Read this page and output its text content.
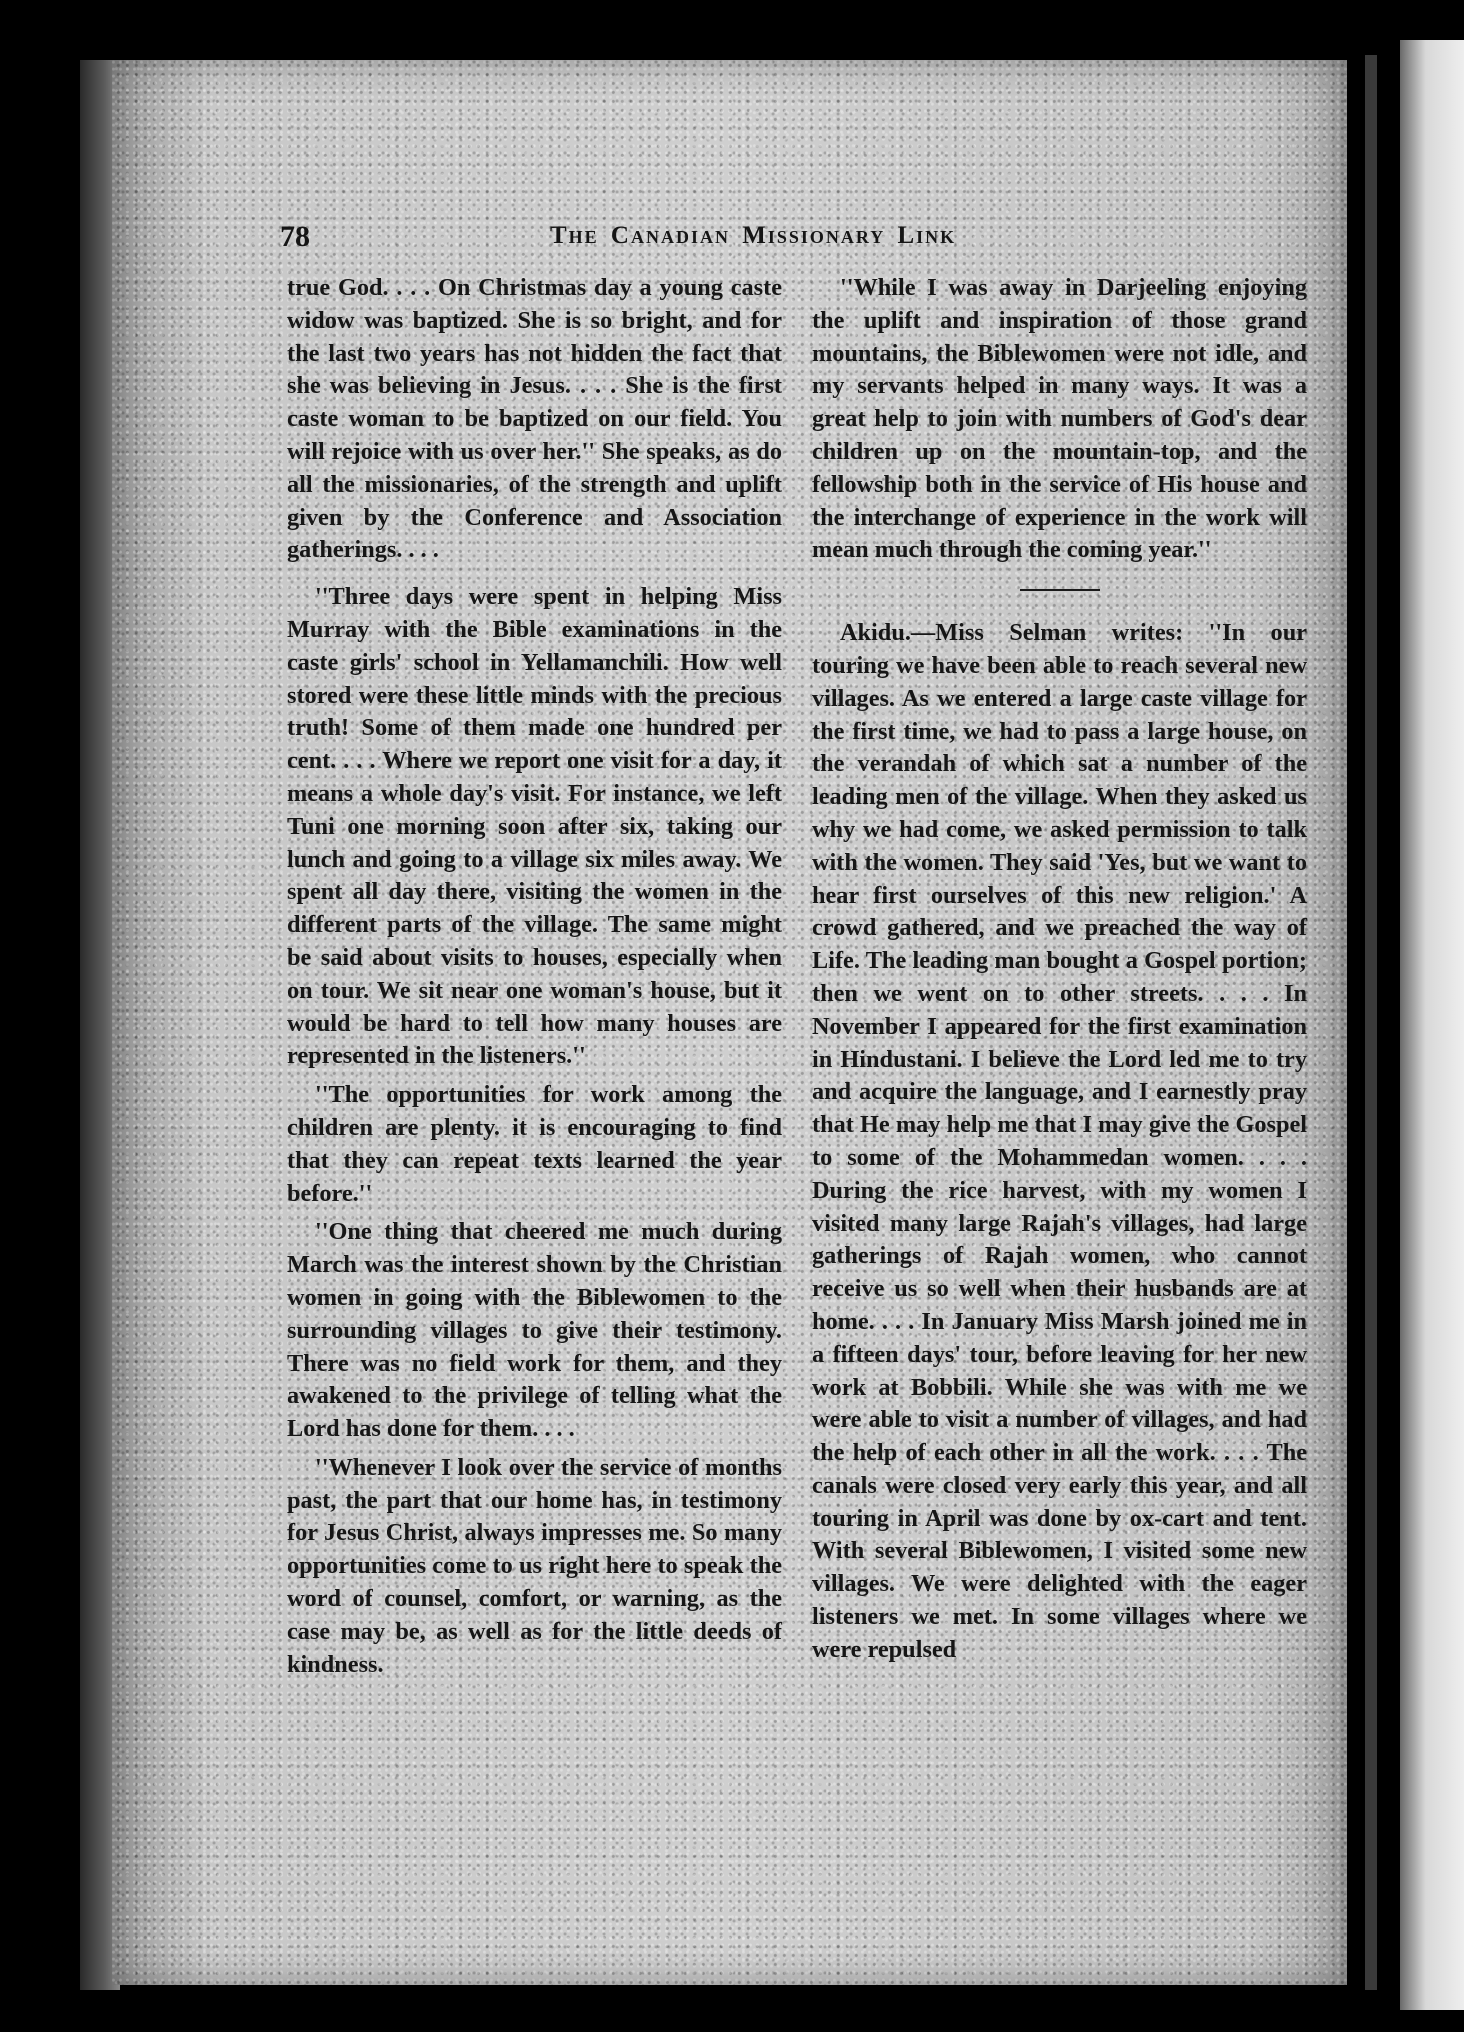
78	The Canadian Missionary Link

true God. . . . On Christmas day a young caste widow was baptized. She is so bright, and for the last two years has not hidden the fact that she was believing in Jesus. . . . She is the first caste woman to be baptized on our field. You will rejoice with us over her.'' She speaks, as do all the missionaries, of the strength and uplift given by the Conference and Association gatherings. . . .

''Three days were spent in helping Miss Murray with the Bible examinations in the caste girls' school in Yellamanchili. How well stored were these little minds with the precious truth! Some of them made one hundred per cent. . . . Where we report one visit for a day, it means a whole day's visit. For instance, we left Tuni one morning soon after six, taking our lunch and going to a village six miles away. We spent all day there, visiting the women in the different parts of the village. The same might be said about visits to houses, especially when on tour. We sit near one woman's house, but it would be hard to tell how many houses are represented in the listeners.''

''The opportunities for work among the children are plenty. it is encouraging to find that they can repeat texts learned the year before.''

''One thing that cheered me much during March was the interest shown by the Christian women in going with the Biblewomen to the surrounding villages to give their testimony. There was no field work for them, and they awakened to the privilege of telling what the Lord has done for them. . . .

''Whenever I look over the service of months past, the part that our home has, in testimony for Jesus Christ, always impresses me. So many opportunities come to us right here to speak the word of counsel, comfort, or warning, as the case may be, as well as for the little deeds of kindness.

''While I was away in Darjeeling enjoying the uplift and inspiration of those grand mountains, the Biblewomen were not idle, and my servants helped in many ways. It was a great help to join with numbers of God's dear children up on the mountain-top, and the fellowship both in the service of His house and the interchange of experience in the work will mean much through the coming year.''

Akidu.—Miss Selman writes: ''In our touring we have been able to reach several new villages. As we entered a large caste village for the first time, we had to pass a large house, on the verandah of which sat a number of the leading men of the village. When they asked us why we had come, we asked permission to talk with the women. They said 'Yes, but we want to hear first ourselves of this new religion.' A crowd gathered, and we preached the way of Life. The leading man bought a Gospel portion; then we went on to other streets. . . . In November I appeared for the first examination in Hindustani. I believe the Lord led me to try and acquire the language, and I earnestly pray that He may help me that I may give the Gospel to some of the Mohammedan women. . . . During the rice harvest, with my women I visited many large Rajah's villages, had large gatherings of Rajah women, who cannot receive us so well when their husbands are at home. . . . In January Miss Marsh joined me in a fifteen days' tour, before leaving for her new work at Bobbili. While she was with me we were able to visit a number of villages, and had the help of each other in all the work. . . . The canals were closed very early this year, and all touring in April was done by ox-cart and tent. With several Biblewomen, I visited some new villages. We were delighted with the eager listeners we met. In some villages where we were repulsed
